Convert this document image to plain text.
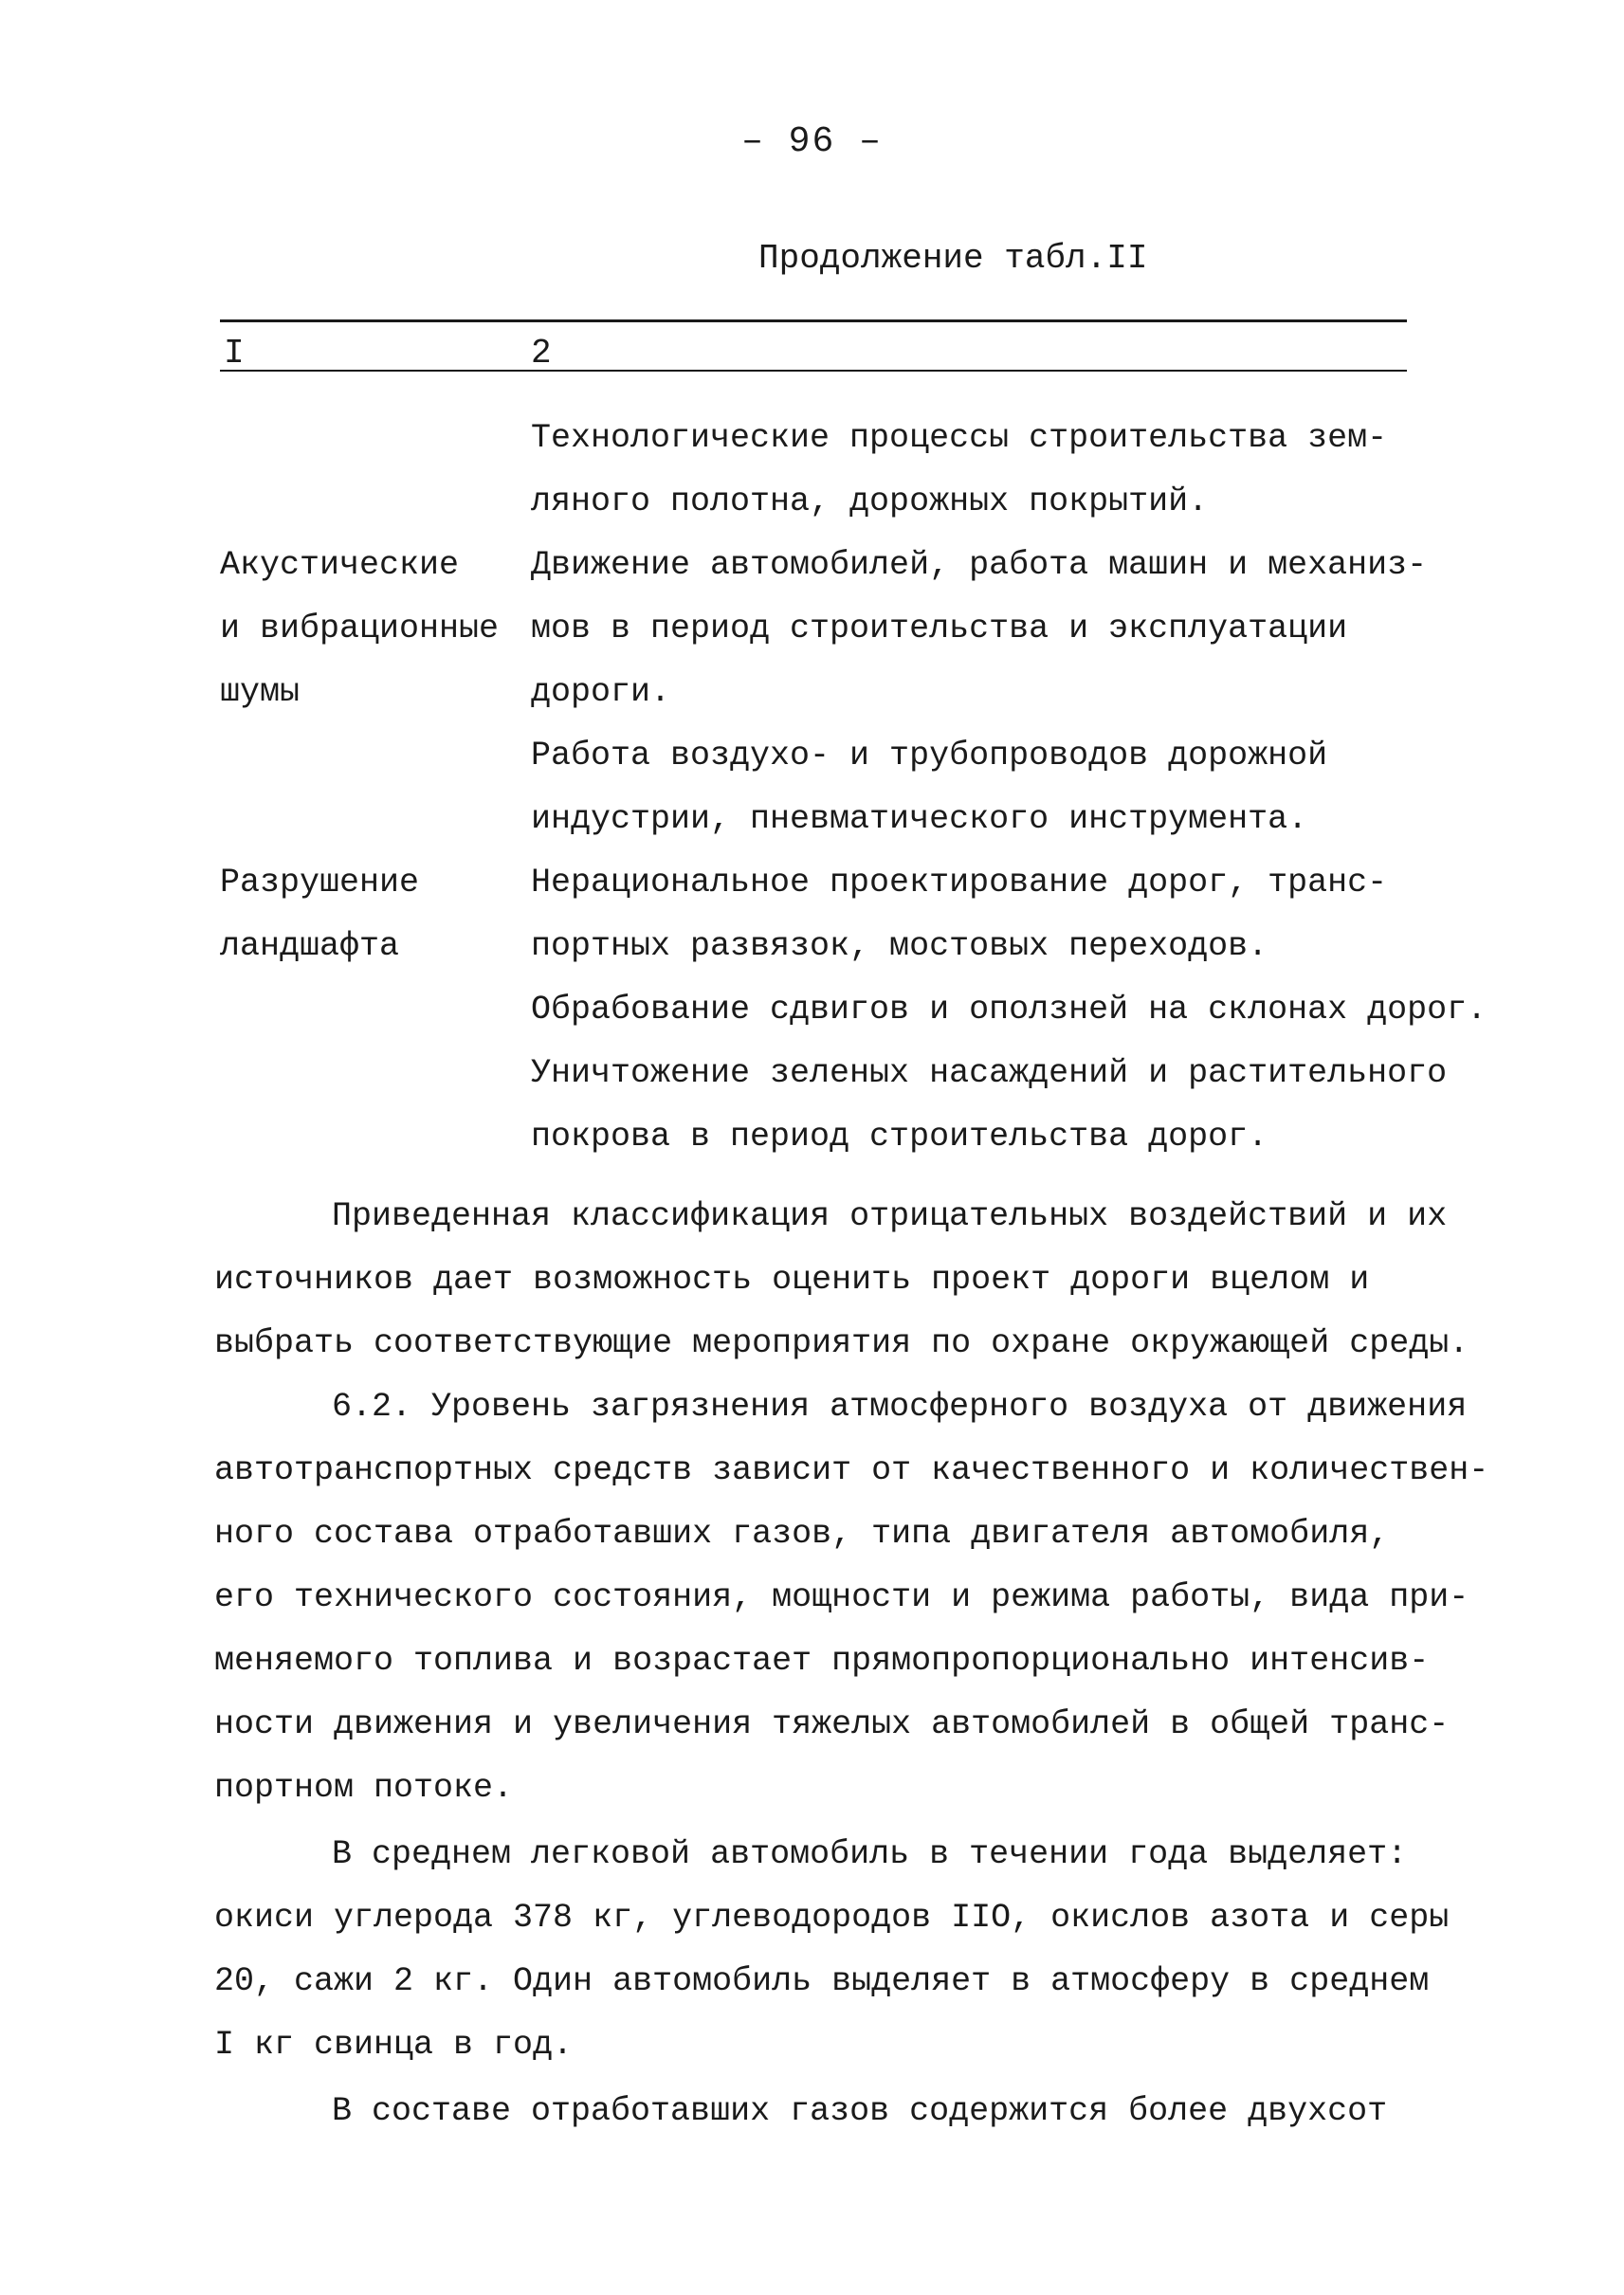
– 96 –
Продолжение табл.II
I	2
Технологические процессы строительства зем-
ляного полотна, дорожных покрытий.
Акустические
и вибрационные
шумы
Движение автомобилей, работа машин и механиз-
мов в период строительства и эксплуатации
дороги.
Работа воздухо- и трубопроводов дорожной
индустрии, пневматического инструмента.
Разрушение
ландшафта
Нерациональное проектирование дорог, транс-
портных развязок, мостовых переходов.
Обрабование сдвигов и оползней на склонах дорог.
Уничтожение зеленых насаждений и растительного
покрова в период строительства дорог.
Приведенная классификация отрицательных воздействий и их
источников дает возможность оценить проект дороги вцелом и
выбрать соответствующие мероприятия по охране окружающей среды.
6.2. Уровень загрязнения атмосферного воздуха от движения
автотранспортных средств зависит от качественного и количествен-
ного состава отработавших газов, типа двигателя автомобиля,
его технического состояния, мощности и режима работы, вида при-
меняемого топлива и возрастает прямопропорционально интенсив-
ности движения и увеличения тяжелых автомобилей в общей транс-
портном потоке.
В среднем легковой автомобиль в течении года выделяет:
окиси углерода 378 кг, углеводородов IIO, окислов азота и серы
20, сажи 2 кг. Один автомобиль выделяет в атмосферу в среднем
I кг свинца в год.
В составе отработавших газов содержится более двухсот
